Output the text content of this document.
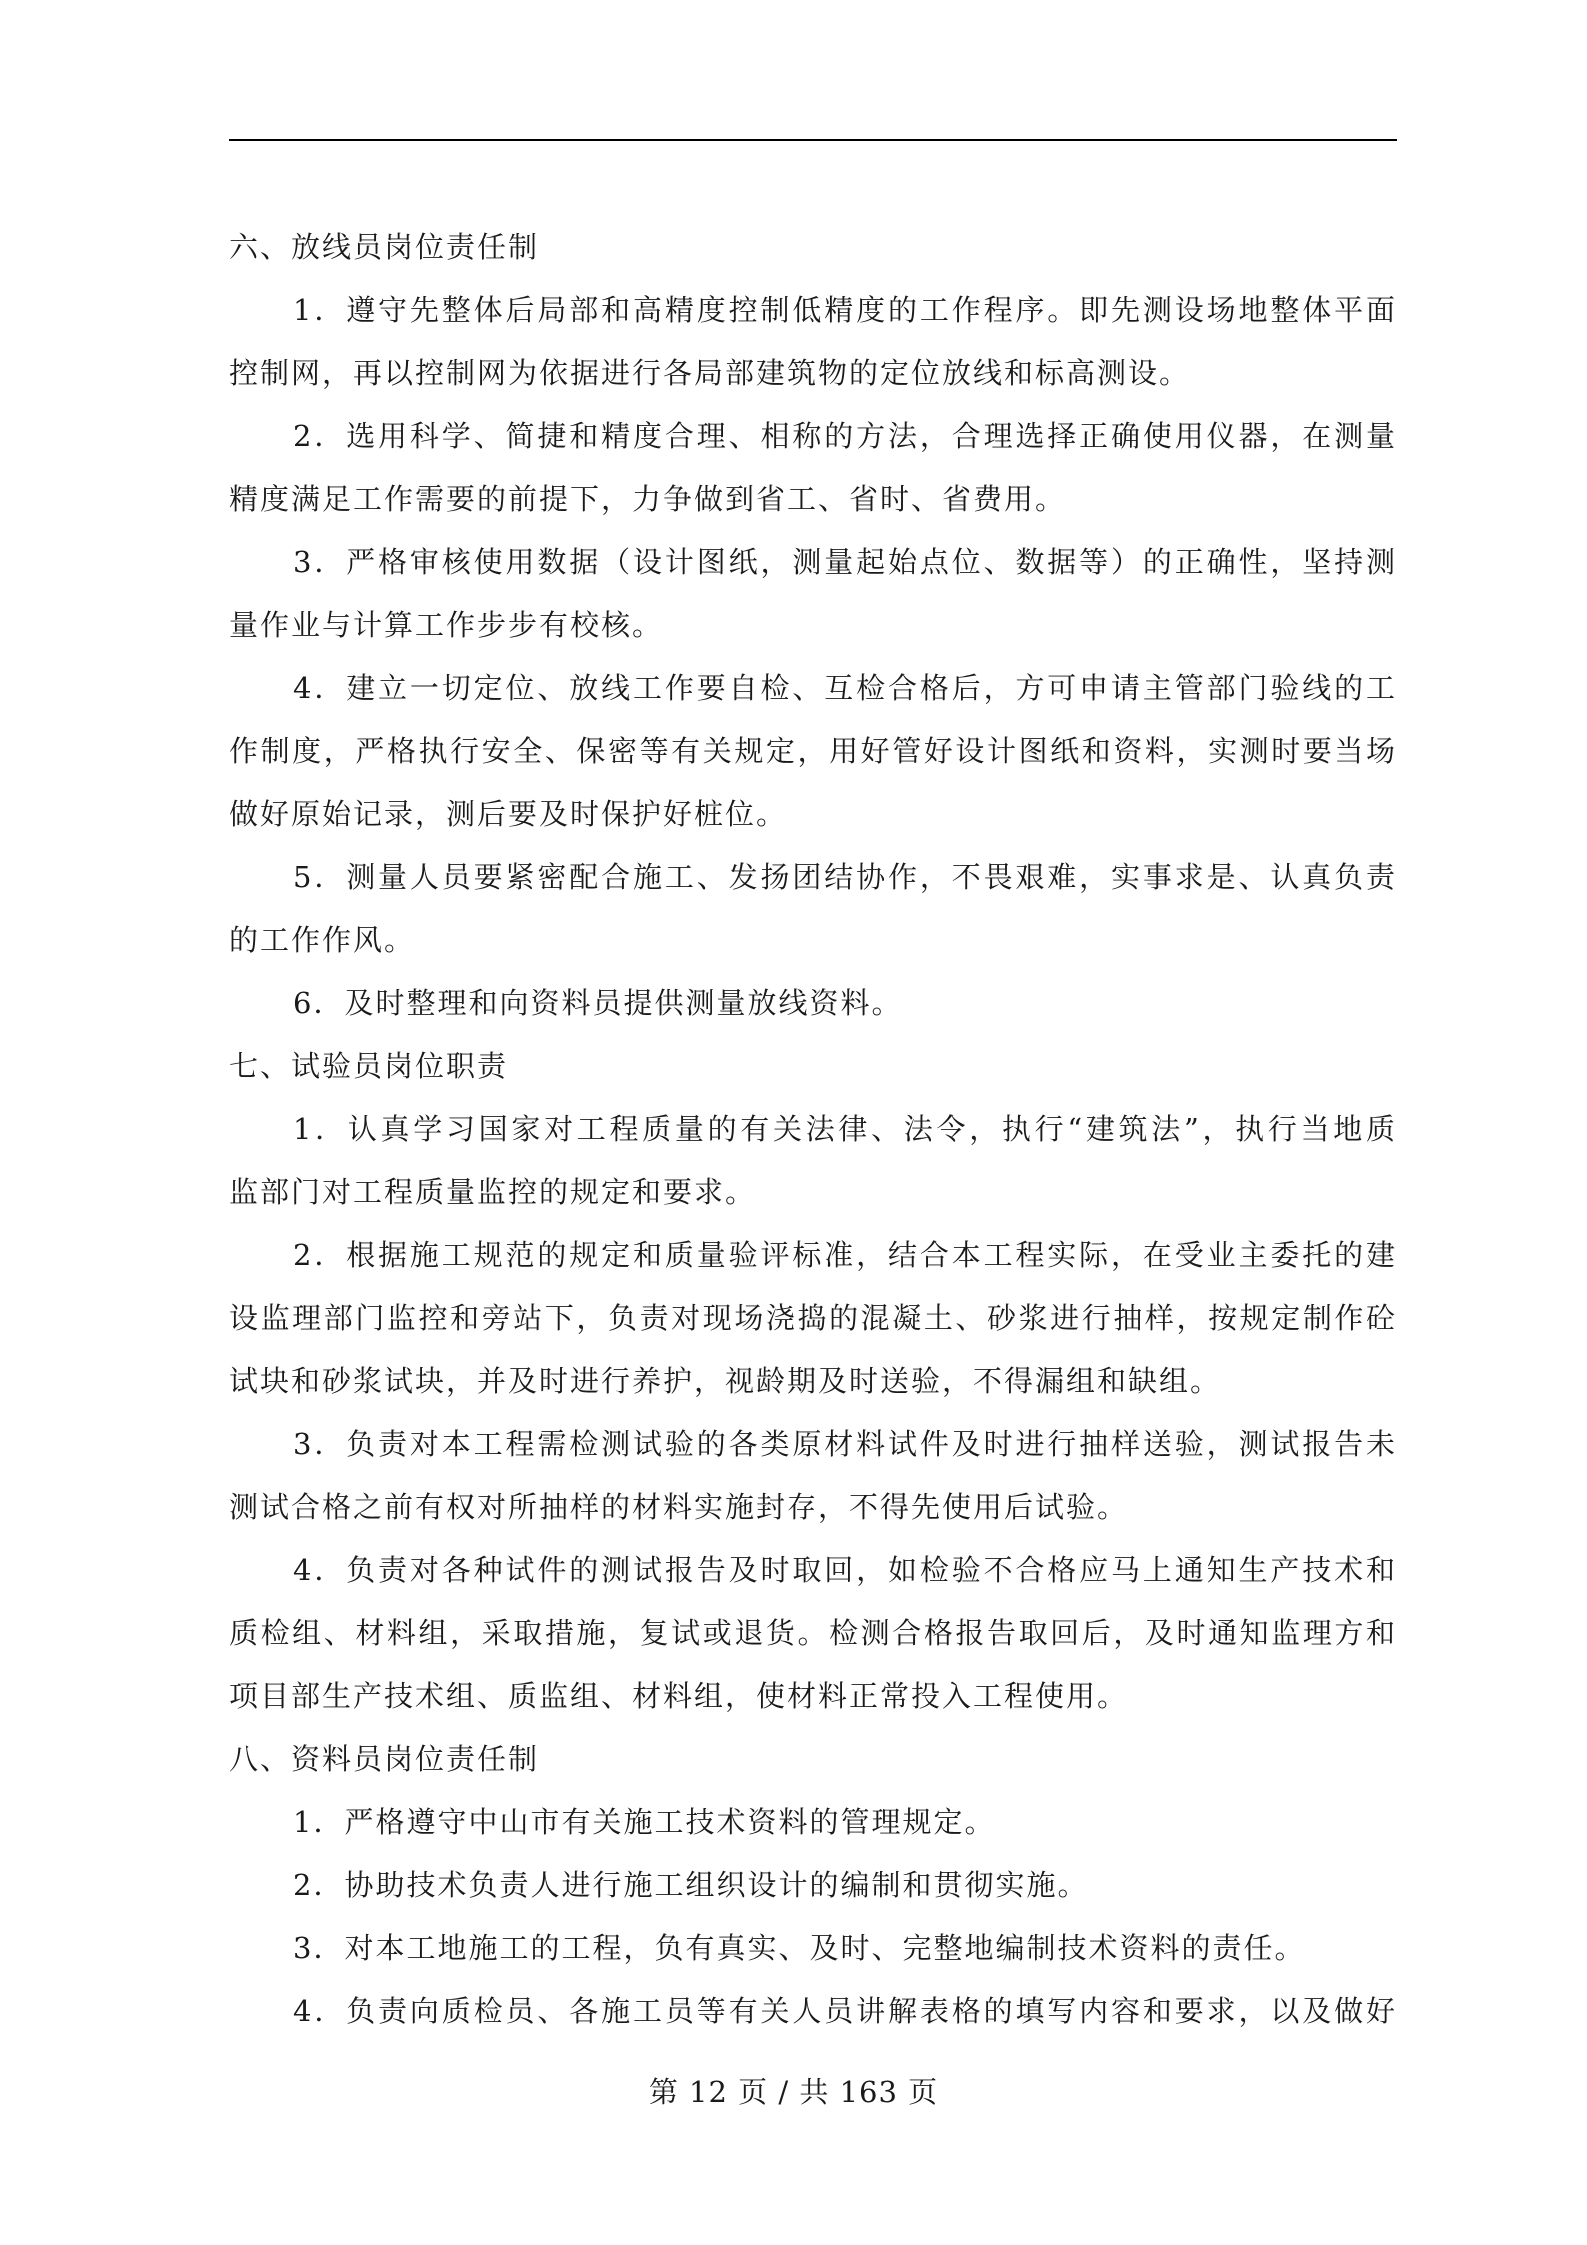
六、放线员岗位责任制
1．遵守先整体后局部和高精度控制低精度的工作程序。即先测设场地整体平面
控制网，再以控制网为依据进行各局部建筑物的定位放线和标高测设。
2．选用科学、简捷和精度合理、相称的方法，合理选择正确使用仪器，在测量
精度满足工作需要的前提下，力争做到省工、省时、省费用。
3．严格审核使用数据（设计图纸，测量起始点位、数据等）的正确性，坚持测
量作业与计算工作步步有校核。
4．建立一切定位、放线工作要自检、互检合格后，方可申请主管部门验线的工
作制度，严格执行安全、保密等有关规定，用好管好设计图纸和资料，实测时要当场
做好原始记录，测后要及时保护好桩位。
5．测量人员要紧密配合施工、发扬团结协作，不畏艰难，实事求是、认真负责
的工作作风。
6．及时整理和向资料员提供测量放线资料。
七、试验员岗位职责
1．认真学习国家对工程质量的有关法律、法令，执行“建筑法”，执行当地质
监部门对工程质量监控的规定和要求。
2．根据施工规范的规定和质量验评标准，结合本工程实际，在受业主委托的建
设监理部门监控和旁站下，负责对现场浇捣的混凝土、砂浆进行抽样，按规定制作砼
试块和砂浆试块，并及时进行养护，视龄期及时送验，不得漏组和缺组。
3．负责对本工程需检测试验的各类原材料试件及时进行抽样送验，测试报告未
测试合格之前有权对所抽样的材料实施封存，不得先使用后试验。
4．负责对各种试件的测试报告及时取回，如检验不合格应马上通知生产技术和
质检组、材料组，采取措施，复试或退货。检测合格报告取回后，及时通知监理方和
项目部生产技术组、质监组、材料组，使材料正常投入工程使用。
八、资料员岗位责任制
1．严格遵守中山市有关施工技术资料的管理规定。
2．协助技术负责人进行施工组织设计的编制和贯彻实施。
3．对本工地施工的工程，负有真实、及时、完整地编制技术资料的责任。
4．负责向质检员、各施工员等有关人员讲解表格的填写内容和要求，以及做好
第 12 页 / 共 163 页
